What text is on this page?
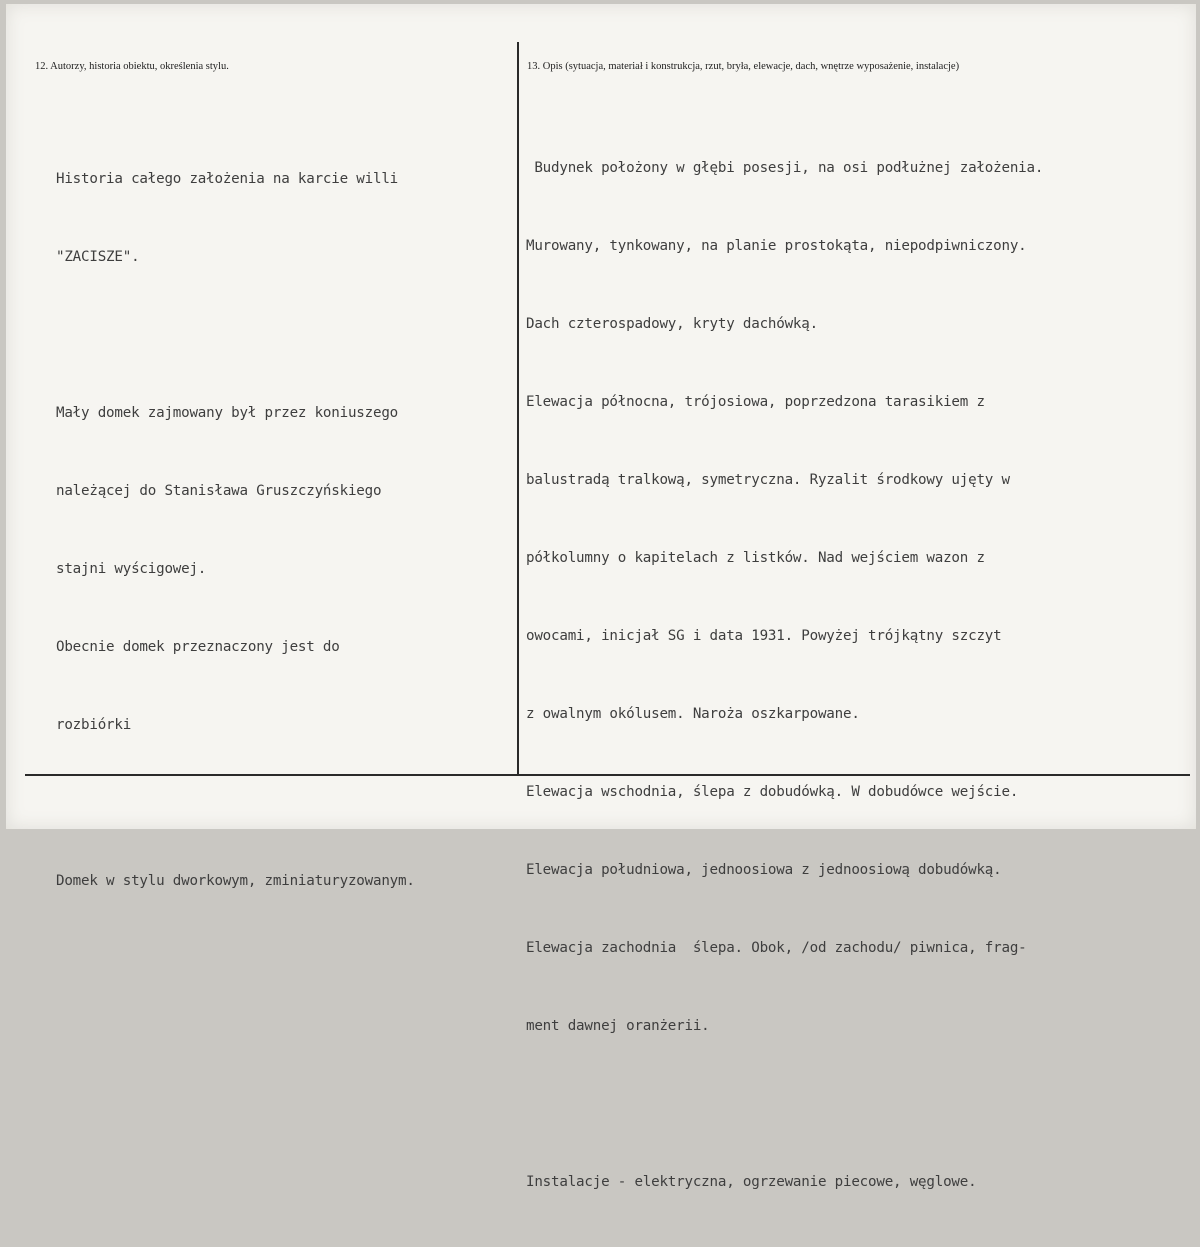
12. Autorzy, historia obiektu, określenia stylu.	13. Opis (sytuacja, materiał i konstrukcja, rzut, bryła, elewacje, dach, wnętrze wyposażenie, instalacje)

Historia całego założenia na karcie willi

"ZACISZE".

Mały domek zajmowany był przez koniuszego

należącej do Stanisława Gruszczyńskiego

stajni wyścigowej.

Obecnie domek przeznaczony jest do

rozbiórki

Domek w stylu dworkowym, zminiaturyzowanym.

Budynek położony w głębi posesji, na osi podłużnej założenia.

Murowany, tynkowany, na planie prostokąta, niepodpiwniczony.

Dach czterospadowy, kryty dachówką.

Elewacja północna, trójosiowa, poprzedzona tarasikiem z

balustradą tralkową, symetryczna. Ryzalit środkowy ujęty w

półkolumny o kapitelach z listków. Nad wejściem wazon z

owocami, inicjał SG i data 1931. Powyżej trójkątny szczyt

z owalnym okólusem. Naroża oszkarpowane.

Elewacja wschodnia, ślepa z dobudówką. W dobudówce wejście.

Elewacja południowa, jednoosiowa z jednoosiową dobudówką.

Elewacja zachodnia  ślepa. Obok, /od zachodu/ piwnica, frag-

ment dawnej oranżerii.

Instalacje - elektryczna, ogrzewanie piecowe, węglowe.
